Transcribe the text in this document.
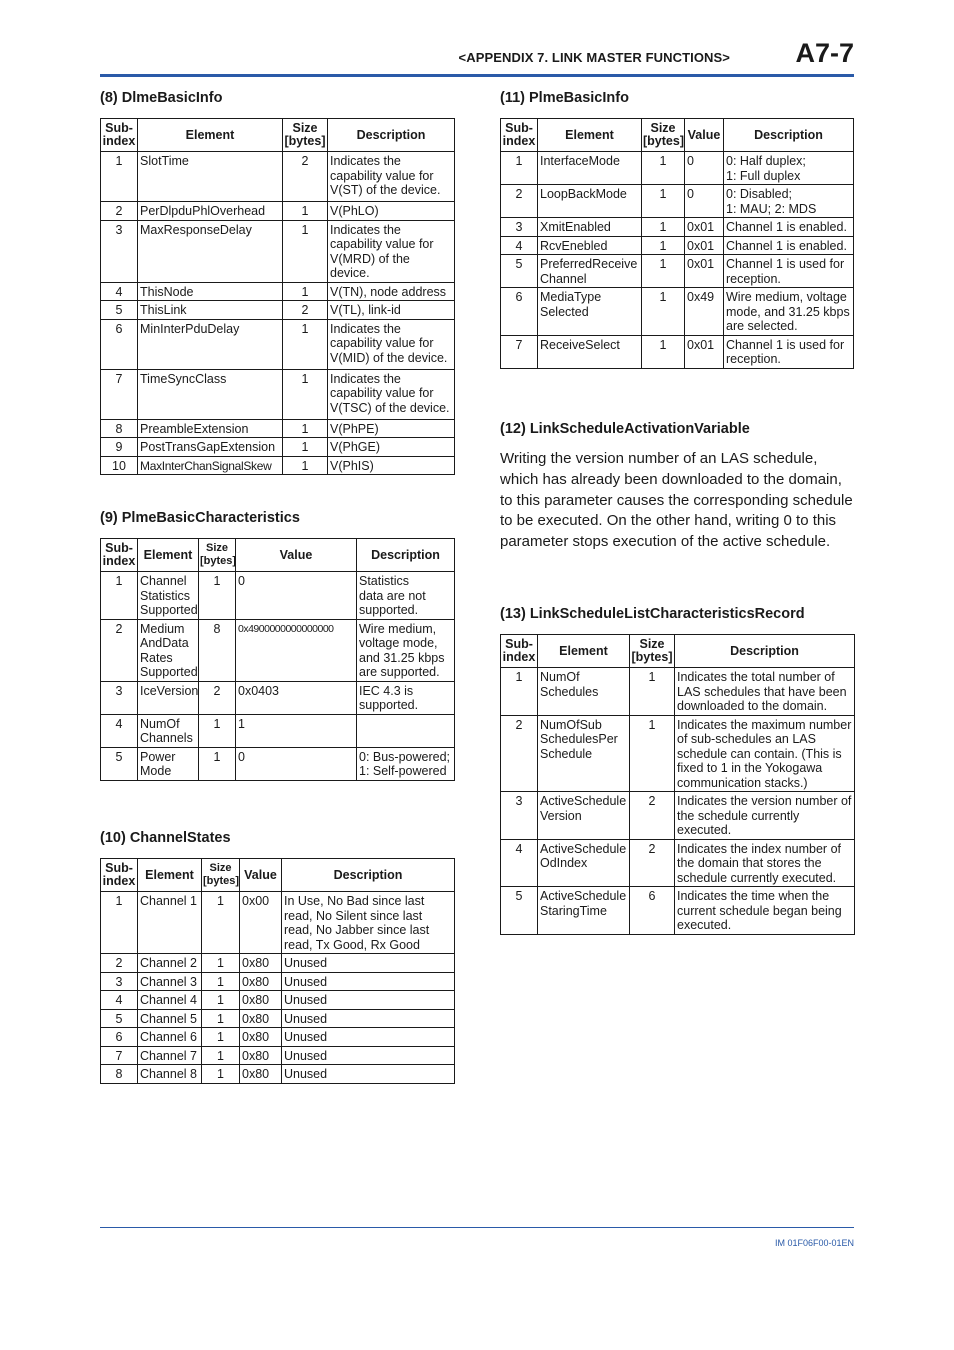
<APPENDIX 7. LINK MASTER FUNCTIONS> A7-7
(8) DlmeBasicInfo
Sub-
index	Element	Size
[bytes]	Description
1	SlotTime	2	Indicates the capability value for V(ST) of the device.
2	PerDlpduPhlOverhead	1	V(PhLO)
3	MaxResponseDelay	1	Indicates the capability value for V(MRD) of the device.
4	ThisNode	1	V(TN), node address
5	ThisLink	2	V(TL), link-id
6	MinInterPduDelay	1	Indicates the capability value for V(MID) of the device.
7	TimeSyncClass	1	Indicates the capability value for V(TSC) of the device.
8	PreambleExtension	1	V(PhPE)
9	PostTransGapExtension	1	V(PhGE)
10	MaxInterChanSignalSkew	1	V(PhIS)
(9) PlmeBasicCharacteristics
Sub-
index	Element	Size
[bytes]	Value	Description
1	Channel
Statistics
Supported	1	0	Statistics
data are not
supported.
2	Medium
AndData
Rates
Supported	8	0x4900000000000000	Wire medium,
voltage mode,
and 31.25 kbps
are supported.
3	IceVersion	2	0x0403	IEC 4.3 is
supported.
4	NumOf
Channels	1	1	
5	Power
Mode	1	0	0: Bus-powered;
1: Self-powered
(10) ChannelStates
Sub-
index	Element	Size
[bytes]	Value	Description
1	Channel 1	1	0x00	In Use, No Bad since last read, No Silent since last read, No Jabber since last read, Tx Good, Rx Good
2	Channel 2	1	0x80	Unused
3	Channel 3	1	0x80	Unused
4	Channel 4	1	0x80	Unused
5	Channel 5	1	0x80	Unused
6	Channel 6	1	0x80	Unused
7	Channel 7	1	0x80	Unused
8	Channel 8	1	0x80	Unused
(11) PlmeBasicInfo
Sub-
index	Element	Size
[bytes]	Value	Description
1	InterfaceMode	1	0	0: Half duplex;
1: Full duplex
2	LoopBackMode	1	0	0: Disabled;
1: MAU; 2: MDS
3	XmitEnabled	1	0x01	Channel 1 is enabled.
4	RcvEnebled	1	0x01	Channel 1 is enabled.
5	PreferredReceive
Channel	1	0x01	Channel 1 is used for reception.
6	MediaType
Selected	1	0x49	Wire medium, voltage mode, and 31.25 kbps are selected.
7	ReceiveSelect	1	0x01	Channel 1 is used for reception.
(12) LinkScheduleActivationVariable

Writing the version number of an LAS schedule, which has already been downloaded to the domain, to this parameter causes the corresponding schedule to be executed. On the other hand, writing 0 to this parameter stops execution of the active schedule.

(13) LinkScheduleListCharacteristicsRecord
Sub-
index	Element	Size
[bytes]	Description
1	NumOf
Schedules	1	Indicates the total number of LAS schedules that have been downloaded to the domain.
2	NumOfSub
SchedulesPer
Schedule	1	Indicates the maximum number of sub-schedules an LAS schedule can contain. (This is fixed to 1 in the Yokogawa communication stacks.)
3	ActiveSchedule
Version	2	Indicates the version number of the schedule currently executed.
4	ActiveSchedule
OdIndex	2	Indicates the index number of the domain that stores the schedule currently executed.
5	ActiveSchedule
StaringTime	6	Indicates the time when the current schedule began being executed.
IM 01F06F00-01EN
